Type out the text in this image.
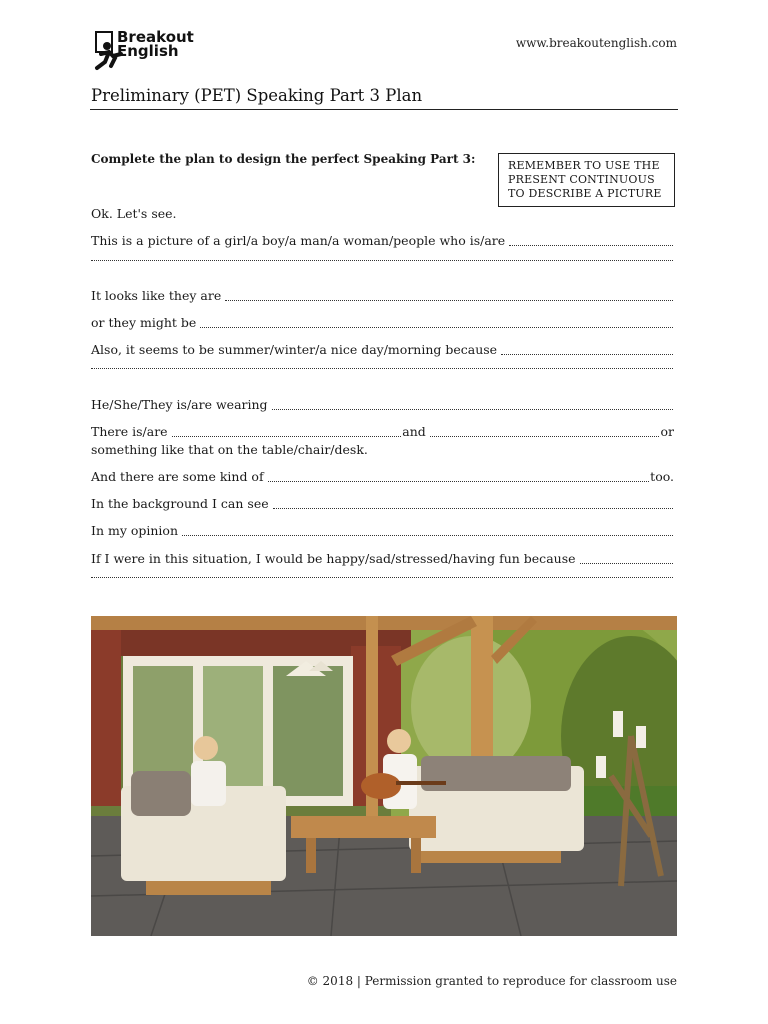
Breakout
English	www.breakoutenglish.com
Preliminary (PET) Speaking Part 3 Plan
Complete the plan to design the perfect Speaking Part 3:	REMEMBER TO USE THE
PRESENT CONTINUOUS
TO DESCRIBE A PICTURE
Ok. Let's see.
This is a picture of a girl/a boy/a man/a woman/people who is/are
It looks like they are
or they might be
Also, it seems to be summer/winter/a nice day/morning because
He/She/They is/are wearing
There is/are	and	or
something like that on the table/chair/desk.
And there are some kind of	too.
In the background I can see
In my opinion
If I were in this situation, I would be happy/sad/stressed/having fun because
© 2018 | Permission granted to reproduce for classroom use
